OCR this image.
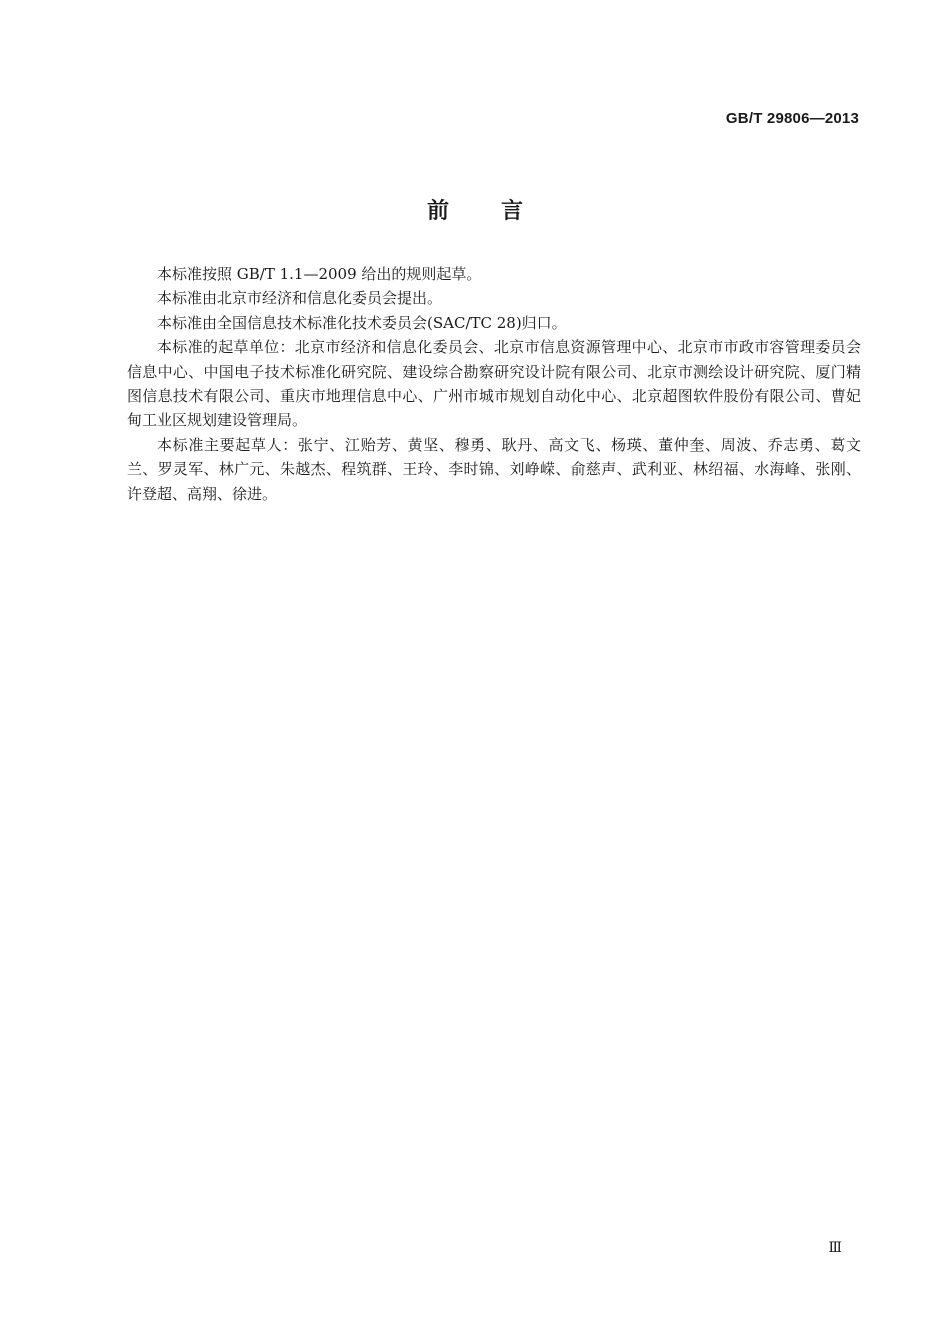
GB/T 29806—2013
前言

本标准按照 GB/T 1.1—2009 给出的规则起草。

本标准由北京市经济和信息化委员会提出。

本标准由全国信息技术标准化技术委员会(SAC/TC 28)归口。

本标准的起草单位：北京市经济和信息化委员会、北京市信息资源管理中心、北京市市政市容管理委员会信息中心、中国电子技术标准化研究院、建设综合勘察研究设计院有限公司、北京市测绘设计研究院、厦门精图信息技术有限公司、重庆市地理信息中心、广州市城市规划自动化中心、北京超图软件股份有限公司、曹妃甸工业区规划建设管理局。

本标准主要起草人：张宁、江贻芳、黄坚、穆勇、耿丹、高文飞、杨瑛、董仲奎、周波、乔志勇、葛文兰、罗灵军、林广元、朱越杰、程筑群、王玲、李时锦、刘峥嵘、俞慈声、武利亚、林绍福、水海峰、张刚、许登超、高翔、徐进。

Ⅲ
